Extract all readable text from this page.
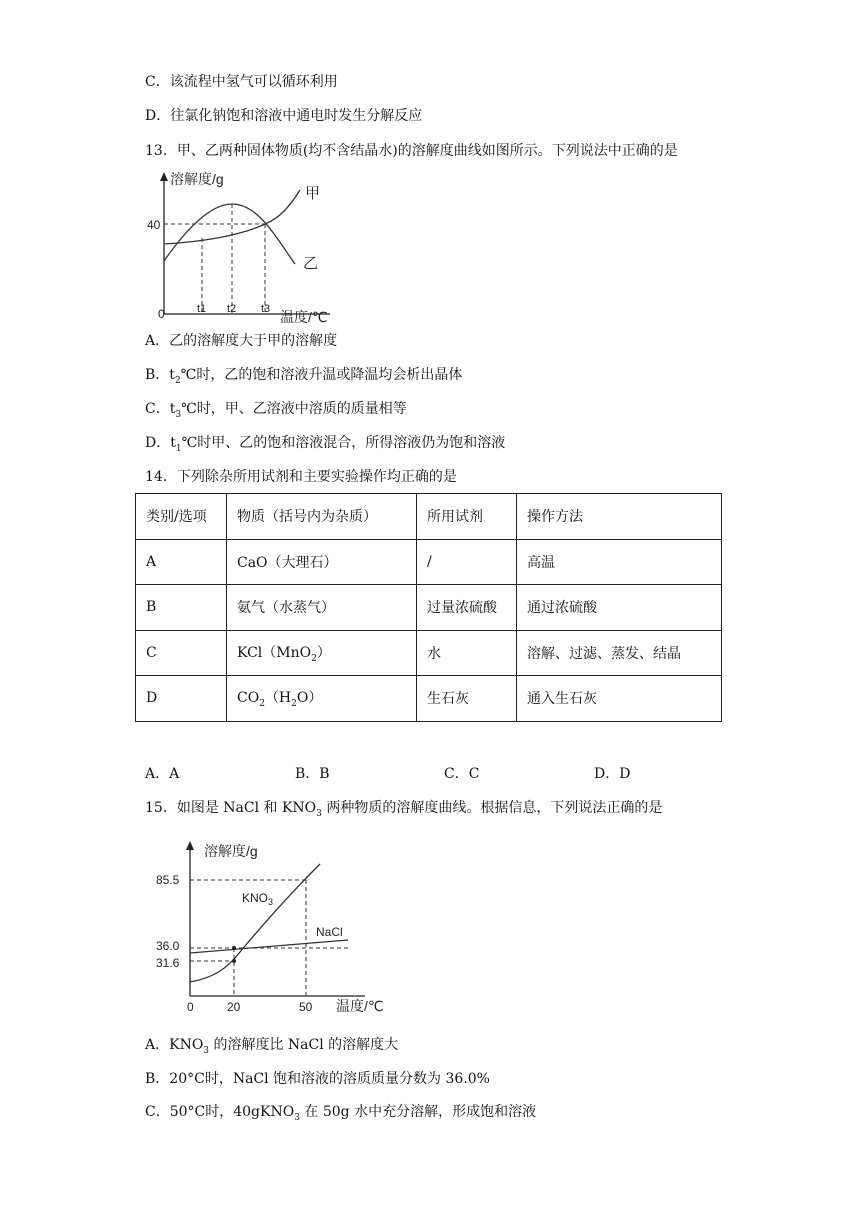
C．该流程中氢气可以循环利用
D．往氯化钠饱和溶液中通电时发生分解反应
13．甲、乙两种固体物质(均不含结晶水)的溶解度曲线如图所示。下列说法中正确的是
溶解度/g
40
0	t1 t2 t3 温度/℃
甲
乙
A．乙的溶解度大于甲的溶解度
B．$t_2℃$时，乙的饱和溶液升温或降温均会析出晶体
C．$t_3℃$时，甲、乙溶液中溶质的质量相等
D．$t_1℃$时甲、乙的饱和溶液混合，所得溶液仍为饱和溶液
14．下列除杂所用试剂和主要实验操作均正确的是
类别/选项	物质（括号内为杂质）	所用试剂	操作方法
A	CaO（大理石）	/	高温
B	氨气（水蒸气）	过量浓硫酸	通过浓硫酸
C	KCl（MnO$_2$）	水	溶解、过滤、蒸发、结晶
D	$CO_2(H_2O)$	生石灰	通入生石灰
A．A	B．B	C．C	D．D
15．如图是 NaCl 和 $KNO_3$ 两种物质的溶解度曲线。根据信息，下列说法正确的是
溶解度/g
85.5
36.0
31.6
0	20	50 温度/℃
$KNO_3$
NaCl
A．$KNO_3$ 的溶解度比 NaCl 的溶解度大
B．20°C时，NaCl 饱和溶液的溶质质量分数为 36.0%
C．50°C时，40gKNO$_3$ 在 50g 水中充分溶解，形成饱和溶液
